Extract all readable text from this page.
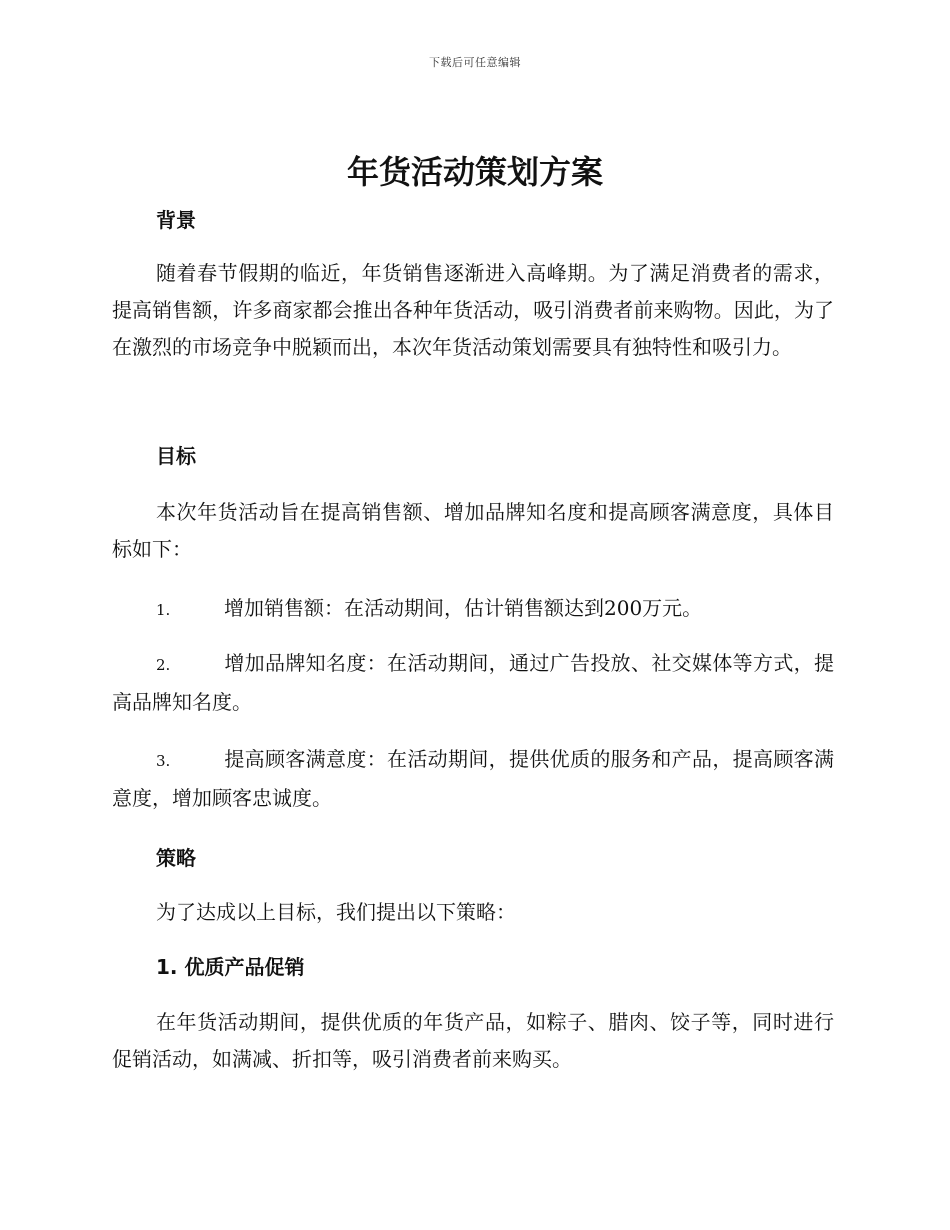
下载后可任意编辑
年货活动策划方案
背景

随着春节假期的临近，年货销售逐渐进入高峰期。为了满足消费者的需求，提高销售额，许多商家都会推出各种年货活动，吸引消费者前来购物。因此，为了在激烈的市场竞争中脱颖而出，本次年货活动策划需要具有独特性和吸引力。

目标

本次年货活动旨在提高销售额、增加品牌知名度和提高顾客满意度，具体目标如下：

1.	增加销售额：在活动期间，估计销售额达到200万元。

2.	增加品牌知名度：在活动期间，通过广告投放、社交媒体等方式，提高品牌知名度。

3.	提高顾客满意度：在活动期间，提供优质的服务和产品，提高顾客满意度，增加顾客忠诚度。

策略

为了达成以上目标，我们提出以下策略：

1. 优质产品促销

在年货活动期间，提供优质的年货产品，如粽子、腊肉、饺子等，同时进行促销活动，如满减、折扣等，吸引消费者前来购买。
